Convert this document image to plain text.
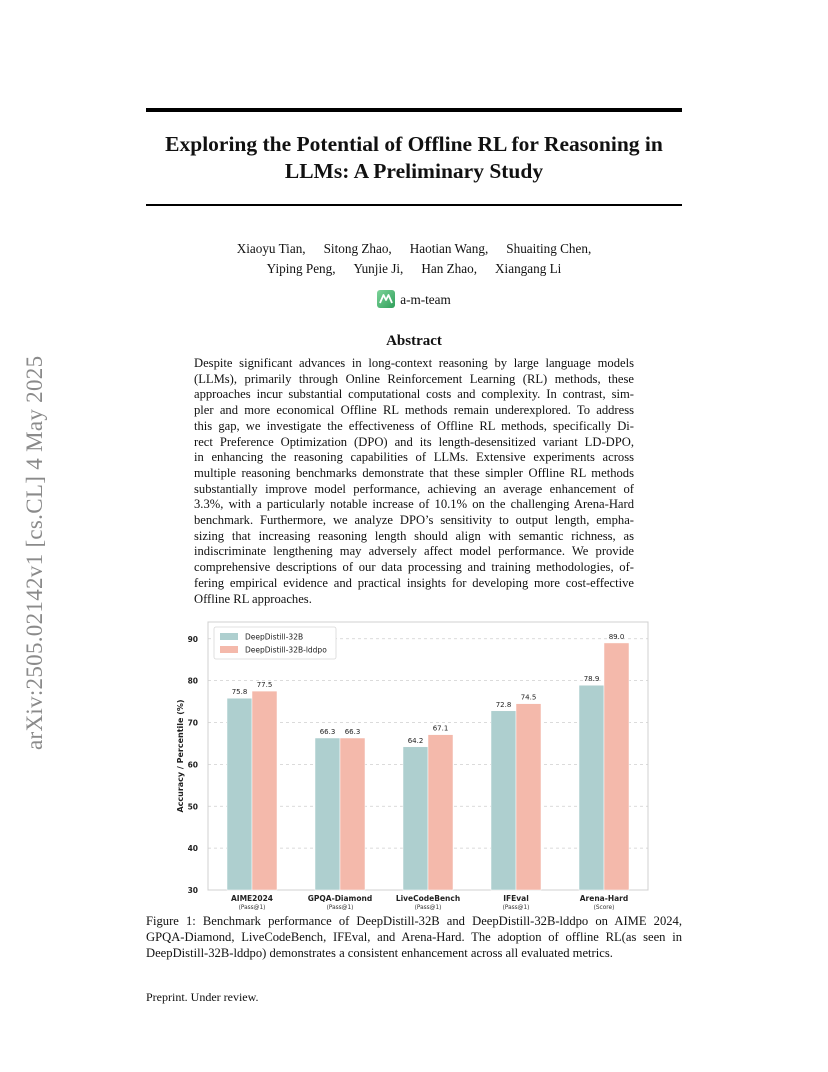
Exploring the Potential of Offline RL for Reasoning in
LLMs: A Preliminary Study
Xiaoyu Tian, Sitong Zhao, Haotian Wang, Shuaiting Chen,
Yiping Peng, Yunjie Ji, Han Zhao, Xiangang Li
a-m-team
arXiv:2505.02142v1 [cs.CL] 4 May 2025
Abstract
Despite significant advances in long-context reasoning by large language models
(LLMs), primarily through Online Reinforcement Learning (RL) methods, these
approaches incur substantial computational costs and complexity. In contrast, sim-
pler and more economical Offline RL methods remain underexplored. To address
this gap, we investigate the effectiveness of Offline RL methods, specifically Di-
rect Preference Optimization (DPO) and its length-desensitized variant LD-DPO,
in enhancing the reasoning capabilities of LLMs. Extensive experiments across
multiple reasoning benchmarks demonstrate that these simpler Offline RL methods
substantially improve model performance, achieving an average enhancement of
3.3%, with a particularly notable increase of 10.1% on the challenging Arena-Hard
benchmark. Furthermore, we analyze DPO’s sensitivity to output length, empha-
sizing that increasing reasoning length should align with semantic richness, as
indiscriminate lengthening may adversely affect model performance. We provide
comprehensive descriptions of our data processing and training methodologies, of-
fering empirical evidence and practical insights for developing more cost-effective
Offline RL approaches.
30
40
50
60
70
80
90
Accuracy / Percentile (%)
75.8
77.5
AIME2024
(Pass@1)
66.3 66.3
GPQA-Diamond
(Pass@1)
64.2
67.1
LiveCodeBench
(Pass@1)
72.8
74.5
IFEval
(Pass@1)
78.9
89.0
Arena-Hard
(Score)
DeepDistill-32B
DeepDistill-32B-lddpo
Figure 1: Benchmark performance of DeepDistill-32B and DeepDistill-32B-lddpo on AIME 2024,
GPQA-Diamond, LiveCodeBench, IFEval, and Arena-Hard. The adoption of offline RL(as seen in
DeepDistill-32B-lddpo) demonstrates a consistent enhancement across all evaluated metrics.
Preprint. Under review.
